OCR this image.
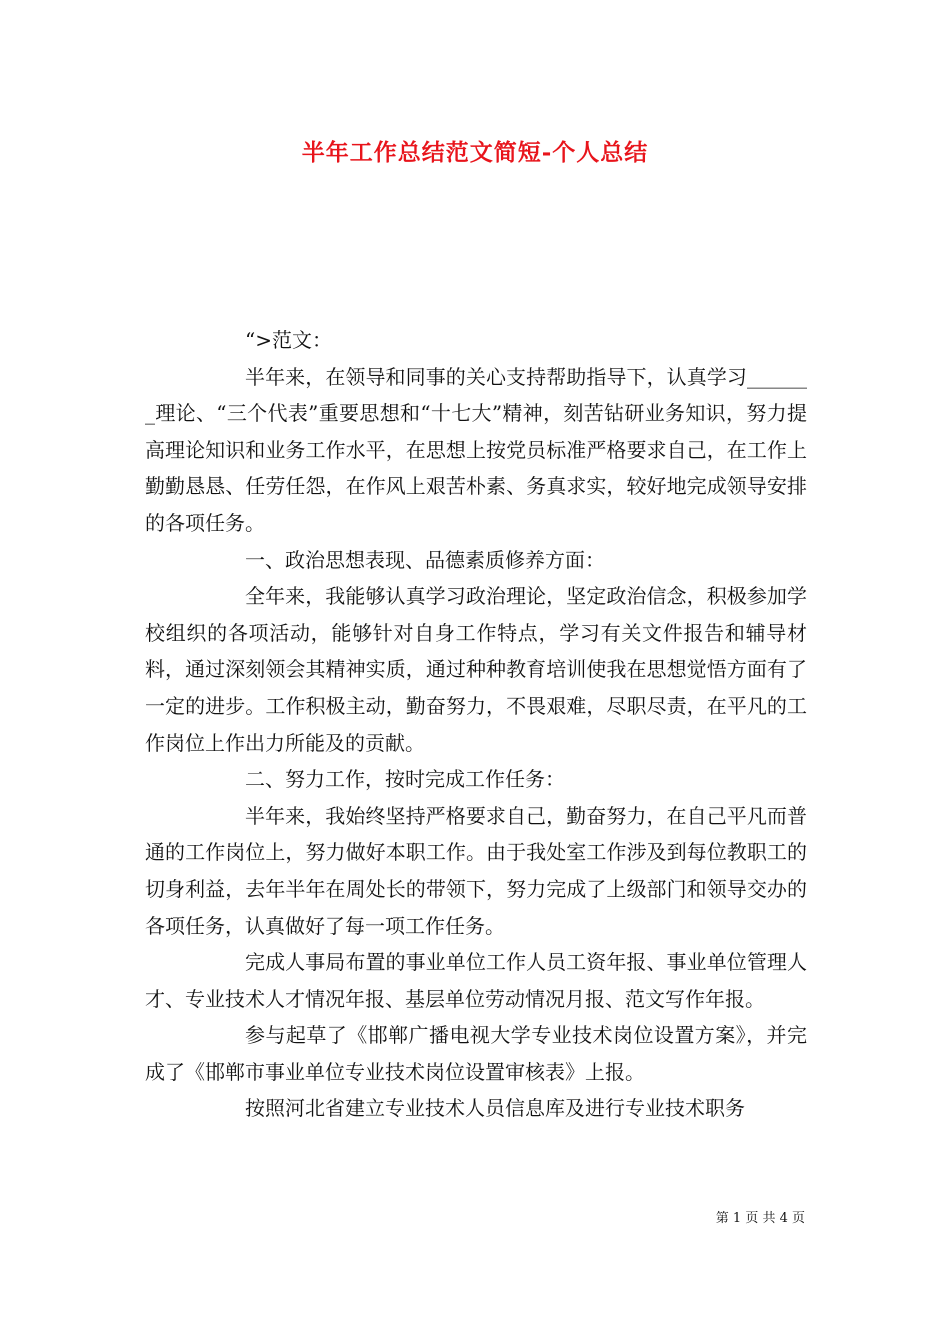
半年工作总结范文简短-个人总结

“>范文：

半年来，在领导和同事的关心支持帮助指导下，认真学习_______理论、“三个代表”重要思想和“十七大”精神，刻苦钻研业务知识，努力提高理论知识和业务工作水平，在思想上按党员标准严格要求自己，在工作上勤勤恳恳、任劳任怨，在作风上艰苦朴素、务真求实，较好地完成领导安排的各项任务。

一、政治思想表现、品德素质修养方面：

全年来，我能够认真学习政治理论，坚定政治信念，积极参加学校组织的各项活动，能够针对自身工作特点，学习有关文件报告和辅导材料，通过深刻领会其精神实质，通过种种教育培训使我在思想觉悟方面有了一定的进步。工作积极主动，勤奋努力，不畏艰难，尽职尽责，在平凡的工作岗位上作出力所能及的贡献。

二、努力工作，按时完成工作任务：

半年来，我始终坚持严格要求自己，勤奋努力，在自己平凡而普通的工作岗位上，努力做好本职工作。由于我处室工作涉及到每位教职工的切身利益，去年半年在周处长的带领下，努力完成了上级部门和领导交办的各项任务，认真做好了每一项工作任务。

完成人事局布置的事业单位工作人员工资年报、事业单位管理人才、专业技术人才情况年报、基层单位劳动情况月报、范文写作年报。

参与起草了《邯郸广播电视大学专业技术岗位设置方案》，并完成了《邯郸市事业单位专业技术岗位设置审核表》上报。

按照河北省建立专业技术人员信息库及进行专业技术职务

第 1 页 共 4 页
